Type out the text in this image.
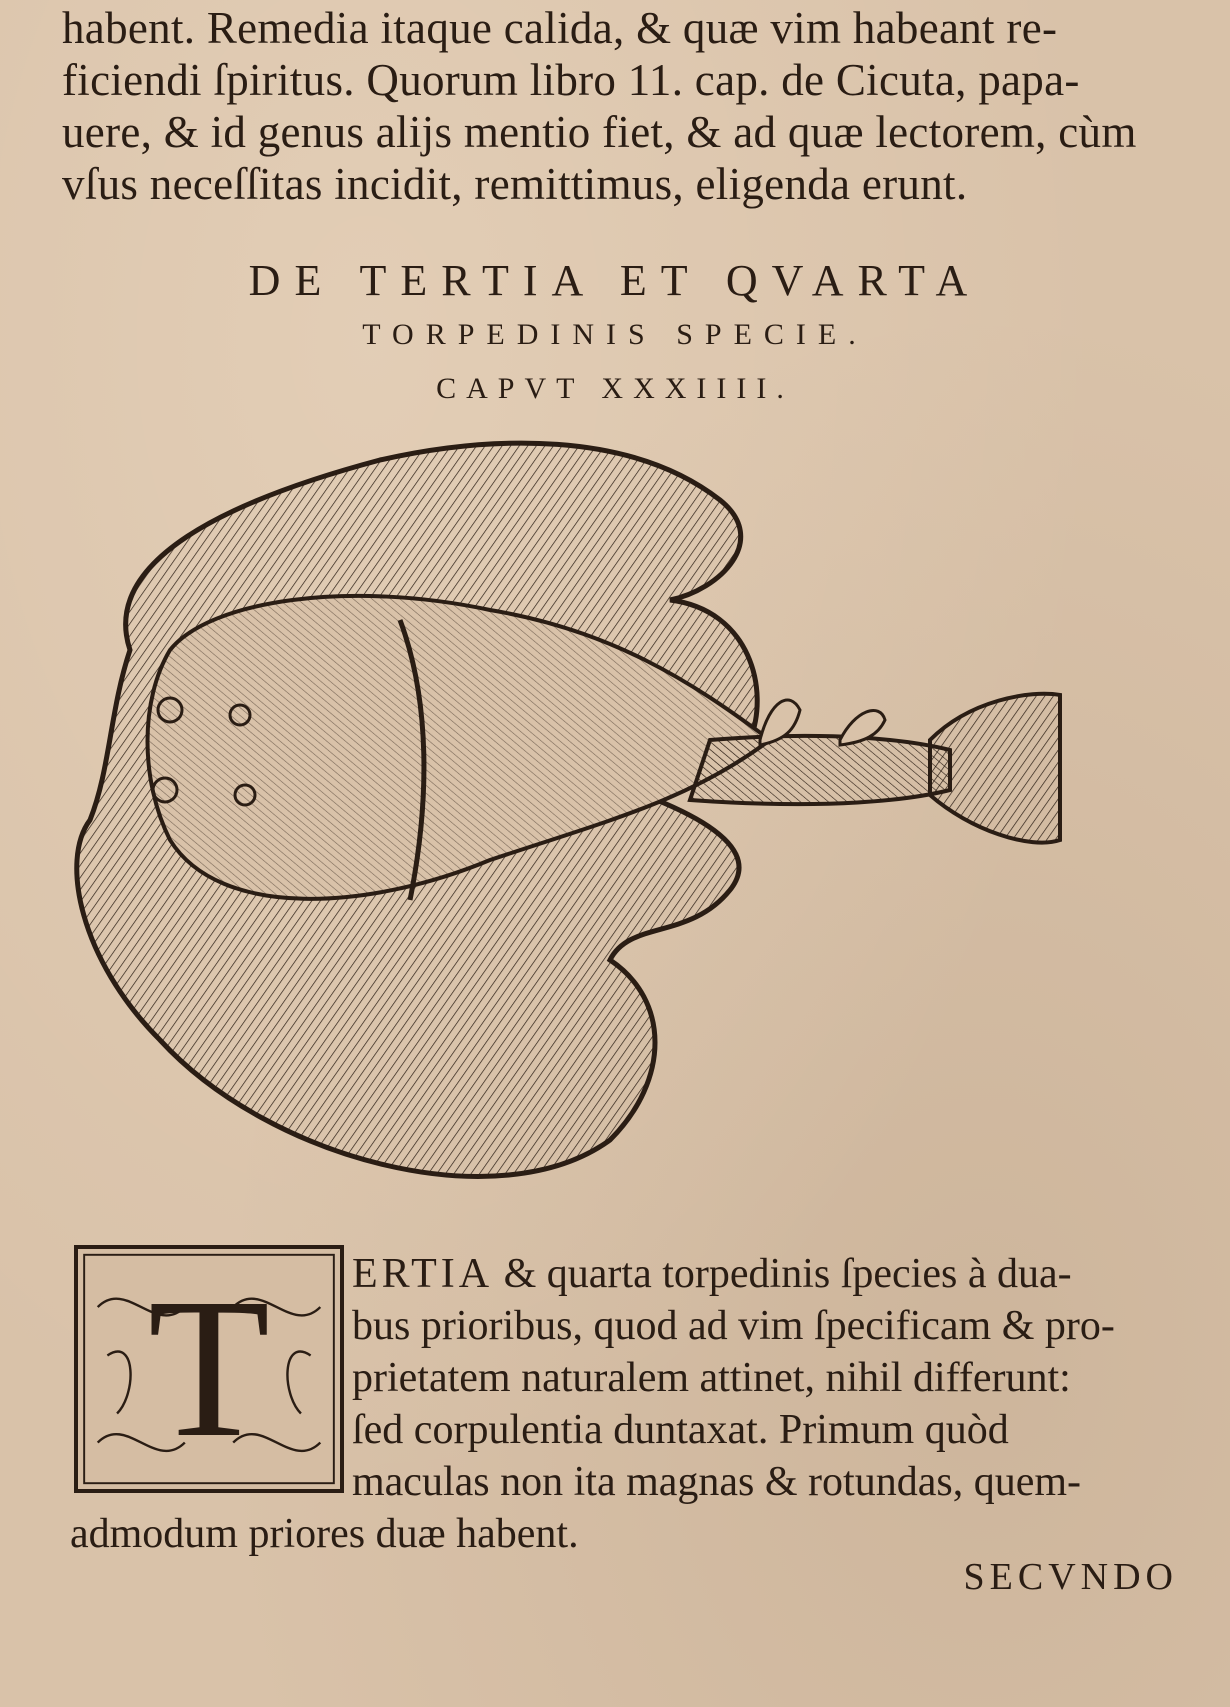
habent. Remedia itaque calida, & quæ vim habeant re-
ficiendi ſpiritus. Quorum libro 11. cap. de Cicuta, papa-
uere, & id genus alijs mentio fiet, & ad quæ lectorem, cùm
vſus neceſſitas incidit, remittimus, eligenda erunt.
DE TERTIA ET QVARTA
TORPEDINIS SPECIE.
CAPVT XXXIIII.
T	ERTIA & quarta torpedinis ſpecies à dua-
bus prioribus, quod ad vim ſpecificam & pro-
prietatem naturalem attinet, nihil differunt:
ſed corpulentia duntaxat. Primum quòd
maculas non ita magnas & rotundas, quem-
admodum priores duæ habent.
SECVNDO
